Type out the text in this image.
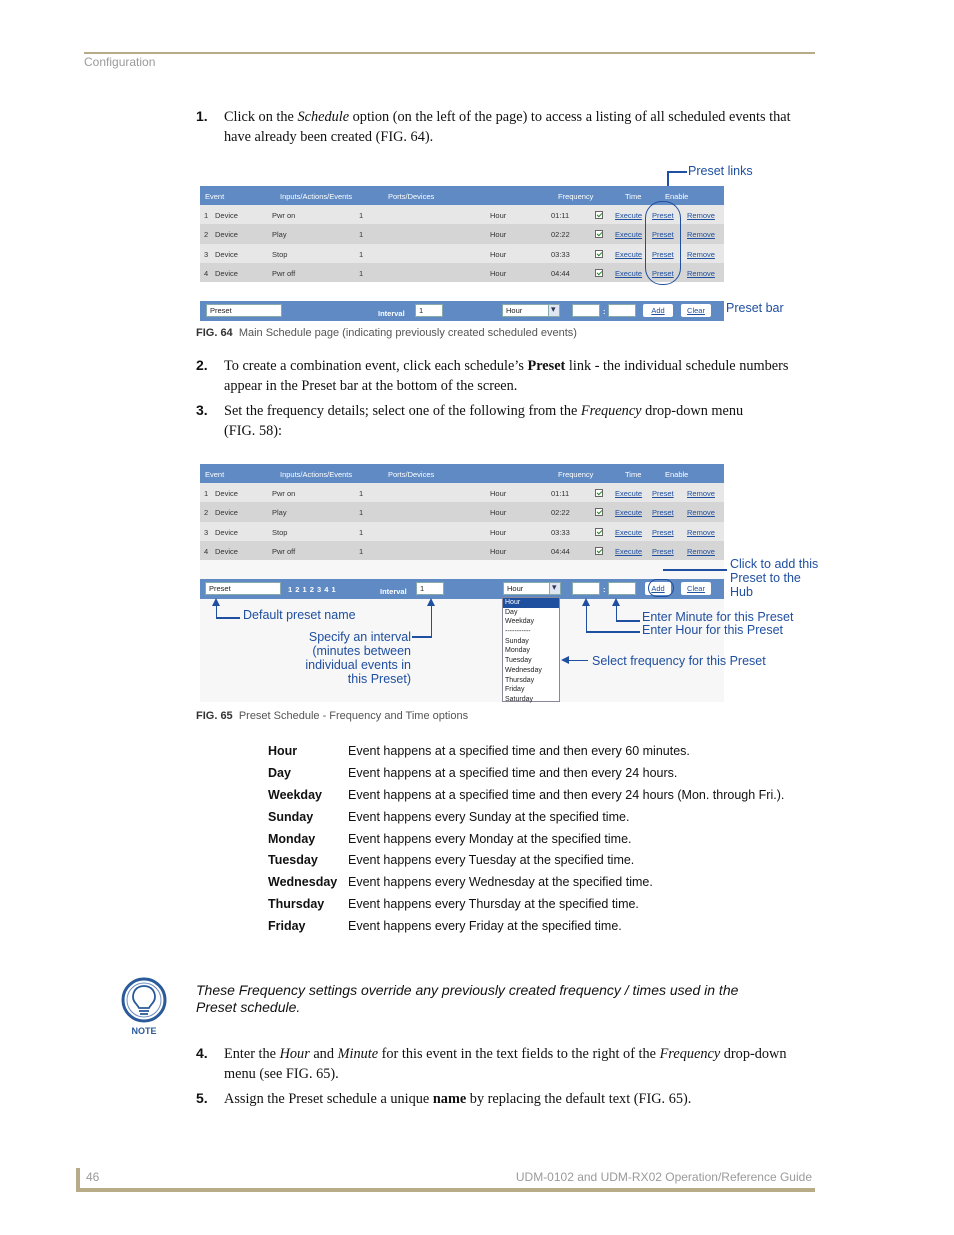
Configuration
1. Click on the Schedule option (on the left of the page) to access a listing of all scheduled events that have already been created (FIG. 64).
Preset links
Event	Inputs/Actions/Events	Ports/Devices	Frequency	Time	Enable
1 Device	Pwr on	1	Hour	01:11	Execute Preset Remove
2 Device	Play	1	Hour	02:22	Execute Preset Remove
3 Device	Stop	1	Hour	03:33	Execute Preset Remove
4 Device	Pwr off	1	Hour	04:44	Execute Preset Remove
Preset	Interval	1	Hour ▾	:	Add	Clear	Preset bar
FIG. 64 Main Schedule page (indicating previously created scheduled events)
2. To create a combination event, click each schedule’s Preset link - the individual schedule numbers appear in the Preset bar at the bottom of the screen.
3. Set the frequency details; select one of the following from the Frequency drop-down menu
(FIG. 58):
Event	Inputs/Actions/Events	Ports/Devices	Frequency	Time	Enable
1 Device	Pwr on	1	Hour	01:11	Execute Preset Remove
2 Device	Play	1	Hour	02:22	Execute Preset Remove
3 Device	Stop	1	Hour	03:33	Execute Preset Remove
4 Device	Pwr off	1	Hour	04:44	Execute Preset Remove
Preset	1 2 1 2 3 4 1	Interval	1	Hour ▾	:	Add	Clear
Hour
Day
Weekday
-----------
Sunday
Monday
Tuesday
Wednesday
Thursday
Friday
Saturday
Click to add this Preset to the Hub
Default preset name
Specify an interval (minutes between individual events in this Preset)
Enter Minute for this Preset
Enter Hour for this Preset
Select frequency for this Preset
FIG. 65 Preset Schedule - Frequency and Time options
Hour	Event happens at a specified time and then every 60 minutes.
Day	Event happens at a specified time and then every 24 hours.
Weekday Event happens at a specified time and then every 24 hours (Mon. through Fri.).
Sunday	Event happens every Sunday at the specified time.
Monday	Event happens every Monday at the specified time.
Tuesday Event happens every Tuesday at the specified time.
Wednesday Event happens every Wednesday at the specified time.
Thursday Event happens every Thursday at the specified time.
Friday	Event happens every Friday at the specified time.
NOTE
These Frequency settings override any previously created frequency / times used in the Preset schedule.
4. Enter the Hour and Minute for this event in the text fields to the right of the Frequency drop-down menu (see FIG. 65).
5. Assign the Preset schedule a unique name by replacing the default text (FIG. 65).
46	UDM-0102 and UDM-RX02 Operation/Reference Guide
